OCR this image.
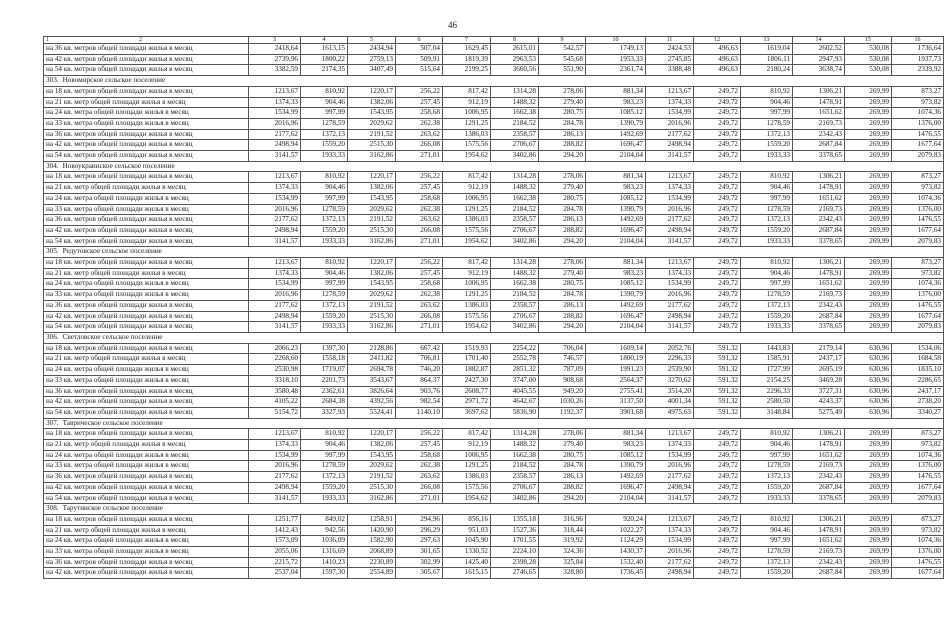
46
1 2	3	4	5	6	7	8	9	10	11	12	13	14	15	16
на 36 кв. метров общей площади жилья в месяц	2418,64	1613,15	2434,94	507,04	1629,45	2615,01	542,57	1749,13	2424,53	496,63	1619,04	2602,52	530,08	1736,64
на 42 кв. метров общей площади жилья в месяц	2739,96	1800,22	2759,13	509,91	1819,39	2963,53	545,68	1953,33	2745,85	496,63	1806,11	2947,93	530,08	1937,73
на 54 кв. метров общей площади жилья в месяц	3382,59	2174,35	3407,49	515,64	2199,25	3660,56	551,90	2361,74	3388,48	496,63	2180,24	3638,74	530,08	2339,92
303. Новомирское сельское поселение														
на 18 кв. метров общей площади жилья в месяц	1213,67	810,92	1220,17	256,22	817,42	1314,28	278,06	881,34	1213,67	249,72	810,92	1306,21	269,99	873,27
на 21 кв. метр общей площади жилья в месяц	1374,33	904,46	1382,06	257,45	912,19	1488,32	279,40	983,23	1374,33	249,72	904,46	1478,91	269,99	973,82
на 24 кв. метра общей площади жилья в месяц	1534,99	997,99	1543,95	258,68	1006,95	1662,38	280,75	1085,12	1534,99	249,72	997,99	1651,62	269,99	1074,36
на 33 кв. метра общей площади жилья в месяц	2016,96	1278,59	2029,62	262,38	1291,25	2184,52	284,78	1390,79	2016,96	249,72	1278,59	2169,73	269,99	1376,00
на 36 кв. метров общей площади жилья в месяц	2177,62	1372,13	2191,52	263,62	1386,03	2358,57	286,13	1492,69	2177,62	249,72	1372,13	2342,43	269,99	1476,55
на 42 кв. метров общей площади жилья в месяц	2498,94	1559,20	2515,30	266,08	1575,56	2706,67	288,82	1696,47	2498,94	249,72	1559,20	2687,84	269,99	1677,64
на 54 кв. метров общей площади жилья в месяц	3141,57	1933,33	3162,86	271,01	1954,62	3402,86	294,20	2104,04	3141,57	249,72	1933,33	3378,65	269,99	2079,83
304. Новоукраинское сельское поселение														
на 18 кв. метров общей площади жилья в месяц	1213,67	810,92	1220,17	256,22	817,42	1314,28	278,06	881,34	1213,67	249,72	810,92	1306,21	269,99	873,27
на 21 кв. метр общей площади жилья в месяц	1374,33	904,46	1382,06	257,45	912,19	1488,32	279,40	983,23	1374,33	249,72	904,46	1478,91	269,99	973,82
на 24 кв. метра общей площади жилья в месяц	1534,99	997,99	1543,95	258,68	1006,95	1662,38	280,75	1085,12	1534,99	249,72	997,99	1651,62	269,99	1074,36
на 33 кв. метра общей площади жилья в месяц	2016,96	1278,59	2029,62	262,38	1291,25	2184,52	284,78	1390,79	2016,96	249,72	1278,59	2169,73	269,99	1376,00
на 36 кв. метров общей площади жилья в месяц	2177,62	1372,13	2191,52	263,62	1386,03	2358,57	286,13	1492,69	2177,62	249,72	1372,13	2342,43	269,99	1476,55
на 42 кв. метров общей площади жилья в месяц	2498,94	1559,20	2515,30	266,08	1575,56	2706,67	288,82	1696,47	2498,94	249,72	1559,20	2687,84	269,99	1677,64
на 54 кв. метров общей площади жилья в месяц	3141,57	1933,33	3162,86	271,01	1954,62	3402,86	294,20	2104,04	3141,57	249,72	1933,33	3378,65	269,99	2079,83
305. Редутовское сельское поселение														
на 18 кв. метров общей площади жилья в месяц	1213,67	810,92	1220,17	256,22	817,42	1314,28	278,06	881,34	1213,67	249,72	810,92	1306,21	269,99	873,27
на 21 кв. метр общей площади жилья в месяц	1374,33	904,46	1382,06	257,45	912,19	1488,32	279,40	983,23	1374,33	249,72	904,46	1478,91	269,99	973,82
на 24 кв. метра общей площади жилья в месяц	1534,99	997,99	1543,95	258,68	1006,95	1662,38	280,75	1085,12	1534,99	249,72	997,99	1651,62	269,99	1074,36
на 33 кв. метра общей площади жилья в месяц	2016,96	1278,59	2029,62	262,38	1291,25	2184,52	284,78	1390,79	2016,96	249,72	1278,59	2169,73	269,99	1376,00
на 36 кв. метров общей площади жилья в месяц	2177,62	1372,13	2191,52	263,62	1386,03	2358,57	286,13	1492,69	2177,62	249,72	1372,13	2342,43	269,99	1476,55
на 42 кв. метров общей площади жилья в месяц	2498,94	1559,20	2515,30	266,08	1575,56	2706,67	288,82	1696,47	2498,94	249,72	1559,20	2687,84	269,99	1677,64
на 54 кв. метров общей площади жилья в месяц	3141,57	1933,33	3162,86	271,01	1954,62	3402,86	294,20	2104,04	3141,57	249,72	1933,33	3378,65	269,99	2079,83
306. Светловское сельское поселение														
на 18 кв. метров общей площади жилья в месяц	2066,23	1397,30	2128,86	667,42	1519,93	2254,22	706,04	1609,14	2052,76	591,32	1443,83	2179,14	630,96	1534,06
на 21 кв. метр общей площади жилья в месяц	2268,60	1558,18	2411,82	706,81	1701,40	2552,78	746,57	1800,19	2296,33	591,32	1585,91	2437,17	630,96	1684,58
на 24 кв. метра общей площади жилья в месяц	2530,98	1719,07	2694,78	746,20	1882,87	2851,32	787,09	1991,23	2539,90	591,32	1727,99	2695,19	630,96	1835,10
на 33 кв. метра общей площади жилья в месяц	3318,10	2201,73	3543,67	864,37	2427,30	3747,00	908,68	2564,37	3270,62	591,32	2154,25	3469,28	630,96	2286,65
на 36 кв. метров общей площади жилья в месяц	3580,48	2362,61	3826,64	903,76	2608,77	4045,55	949,20	2755,41	3514,20	591,32	2296,33	3727,31	630,96	2437,17
на 42 кв. метров общей площади жилья в месяц	4105,22	2684,38	4392,56	982,54	2971,72	4642,67	1030,26	3137,50	4001,34	591,32	2580,50	4243,37	630,96	2738,20
на 54 кв. метров общей площади жилья в месяц	5154,72	3327,93	5524,41	1140,10	3697,62	5836,90	1192,37	3901,68	4975,63	591,32	3148,84	5275,49	630,96	3340,27
307. Таврическое сельское поселение														
на 18 кв. метров общей площади жилья в месяц	1213,67	810,92	1220,17	256,22	817,42	1314,28	278,06	881,34	1213,67	249,72	810,92	1306,21	269,99	873,27
на 21 кв. метр общей площади жилья в месяц	1374,33	904,46	1382,06	257,45	912,19	1488,32	279,40	983,23	1374,33	249,72	904,46	1478,91	269,99	973,82
на 24 кв. метра общей площади жилья в месяц	1534,99	997,99	1543,95	258,68	1006,95	1662,38	280,75	1085,12	1534,99	249,72	997,99	1651,62	269,99	1074,36
на 33 кв. метра общей площади жилья в месяц	2016,96	1278,59	2029,62	262,38	1291,25	2184,52	284,78	1390,79	2016,96	249,72	1278,59	2169,73	269,99	1376,00
на 36 кв. метров общей площади жилья в месяц	2177,62	1372,13	2191,52	263,62	1386,03	2358,57	286,13	1492,69	2177,62	249,72	1372,13	2342,43	269,99	1476,55
на 42 кв. метров общей площади жилья в месяц	2498,94	1559,20	2515,30	266,08	1575,56	2706,67	288,82	1696,47	2498,94	249,72	1559,20	2687,84	269,99	1677,64
на 54 кв. метров общей площади жилья в месяц	3141,57	1933,33	3162,86	271,01	1954,62	3402,86	294,20	2104,04	3141,57	249,72	1933,33	3378,65	269,99	2079,83
308. Тарутинское сельское поселение														
на 18 кв. метров общей площади жилья в месяц	1251,77	849,02	1258,91	294,96	856,16	1355,18	316,96	920,24	1213,67	249,72	810,92	1306,21	269,99	873,27
на 21 кв. метр общей площади жилья в месяц	1412,43	942,56	1420,90	296,29	951,03	1527,36	318,44	1022,27	1374,33	249,72	904,46	1478,91	269,99	973,82
на 24 кв. метра общей площади жилья в месяц	1573,09	1036,09	1582,90	297,63	1045,90	1701,55	319,92	1124,29	1534,99	249,72	997,99	1651,62	269,99	1074,36
на 33 кв. метра общей площади жилья в месяц	2055,06	1316,69	2068,89	301,65	1330,52	2224,10	324,36	1430,37	2016,96	249,72	1278,59	2169,73	269,99	1376,00
на 36 кв. метров общей площади жилья в месяц	2215,72	1410,23	2230,89	302,99	1425,40	2398,28	325,84	1532,40	2177,62	249,72	1372,13	2342,43	269,99	1476,55
на 42 кв. метров общей площади жилья в месяц	2537,04	1597,30	2554,89	305,67	1615,15	2746,65	328,80	1736,45	2498,94	249,72	1559,20	2687,84	269,99	1677,64
